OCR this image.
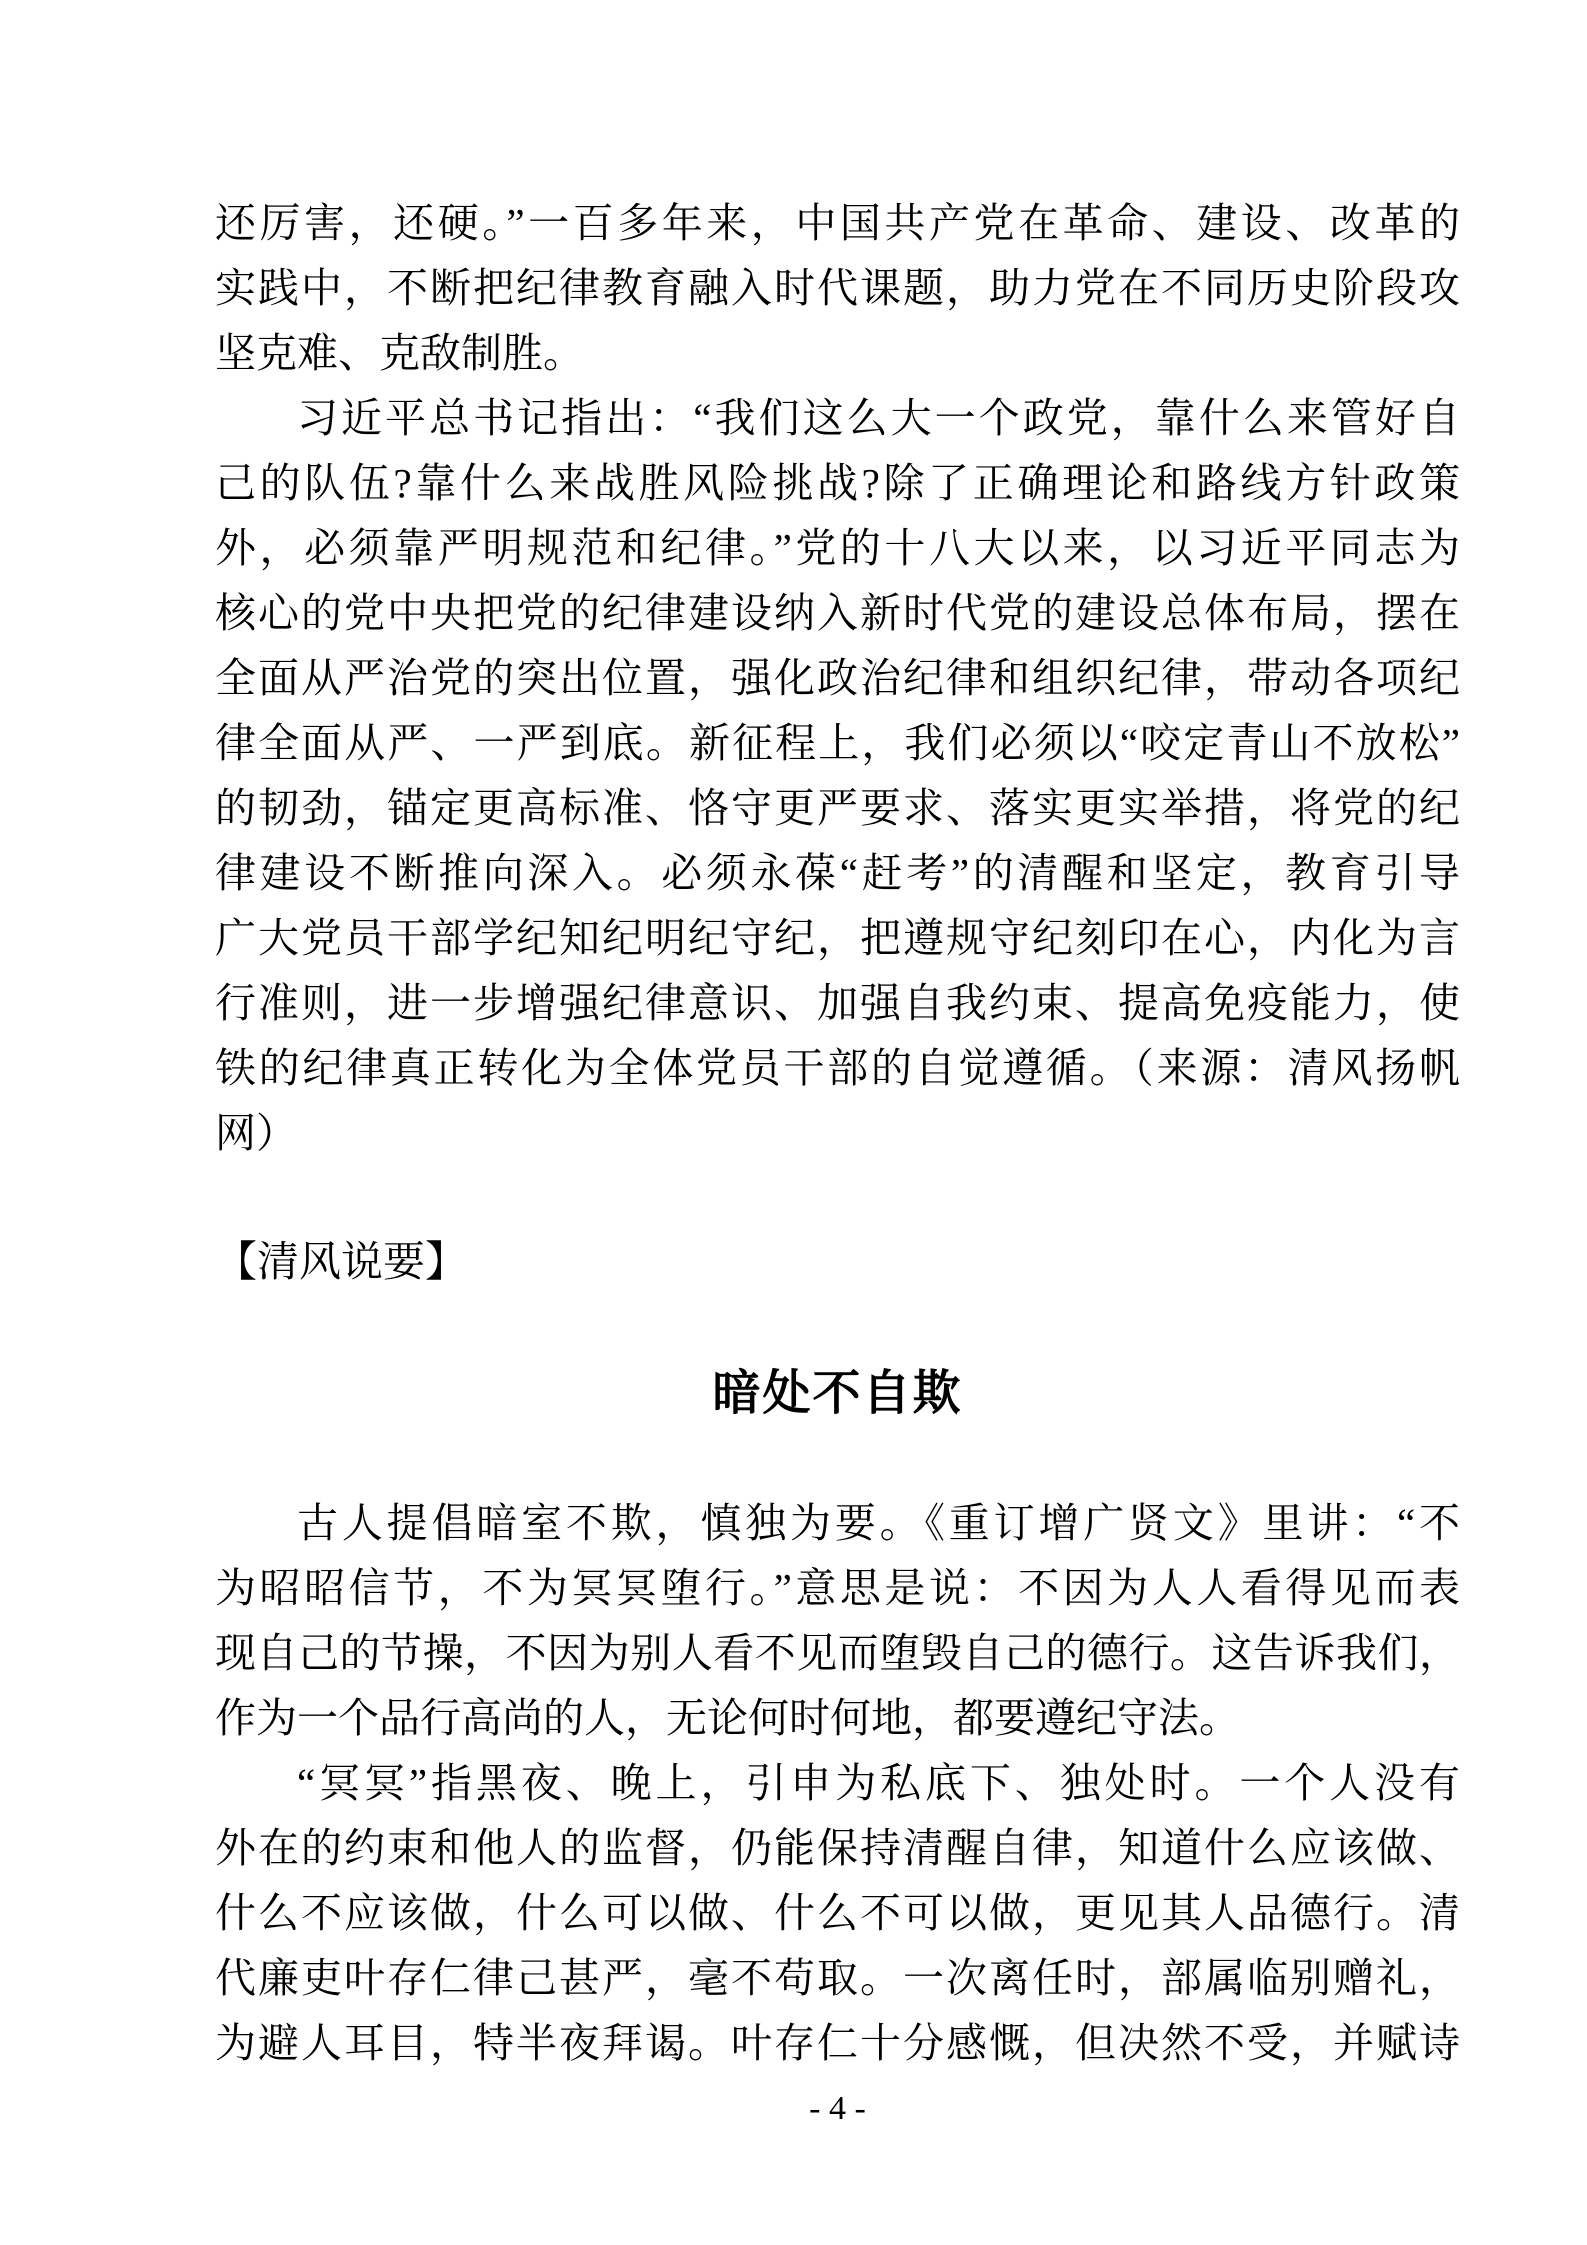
还厉害，还硬。”一百多年来，中国共产党在革命、建设、改革的
实践中，不断把纪律教育融入时代课题，助力党在不同历史阶段攻
坚克难、克敌制胜。
习近平总书记指出：“我们这么大一个政党，靠什么来管好自
己的队伍?靠什么来战胜风险挑战?除了正确理论和路线方针政策
外，必须靠严明规范和纪律。”党的十八大以来，以习近平同志为
核心的党中央把党的纪律建设纳入新时代党的建设总体布局，摆在
全面从严治党的突出位置，强化政治纪律和组织纪律，带动各项纪
律全面从严、一严到底。新征程上，我们必须以“咬定青山不放松”
的韧劲，锚定更高标准、恪守更严要求、落实更实举措，将党的纪
律建设不断推向深入。必须永葆“赶考”的清醒和坚定，教育引导
广大党员干部学纪知纪明纪守纪，把遵规守纪刻印在心，内化为言
行准则，进一步增强纪律意识、加强自我约束、提高免疫能力，使
铁的纪律真正转化为全体党员干部的自觉遵循。（来源：清风扬帆
网）
【清风说要】
暗处不自欺
古人提倡暗室不欺，慎独为要。《重订增广贤文》里讲：“不
为昭昭信节，不为冥冥堕行。”意思是说：不因为人人看得见而表
现自己的节操，不因为别人看不见而堕毁自己的德行。这告诉我们，
作为一个品行高尚的人，无论何时何地，都要遵纪守法。
“冥冥”指黑夜、晚上，引申为私底下、独处时。一个人没有
外在的约束和他人的监督，仍能保持清醒自律，知道什么应该做、
什么不应该做，什么可以做、什么不可以做，更见其人品德行。清
代廉吏叶存仁律己甚严，毫不苟取。一次离任时，部属临别赠礼，
为避人耳目，特半夜拜谒。叶存仁十分感慨，但决然不受，并赋诗
- 4 -
